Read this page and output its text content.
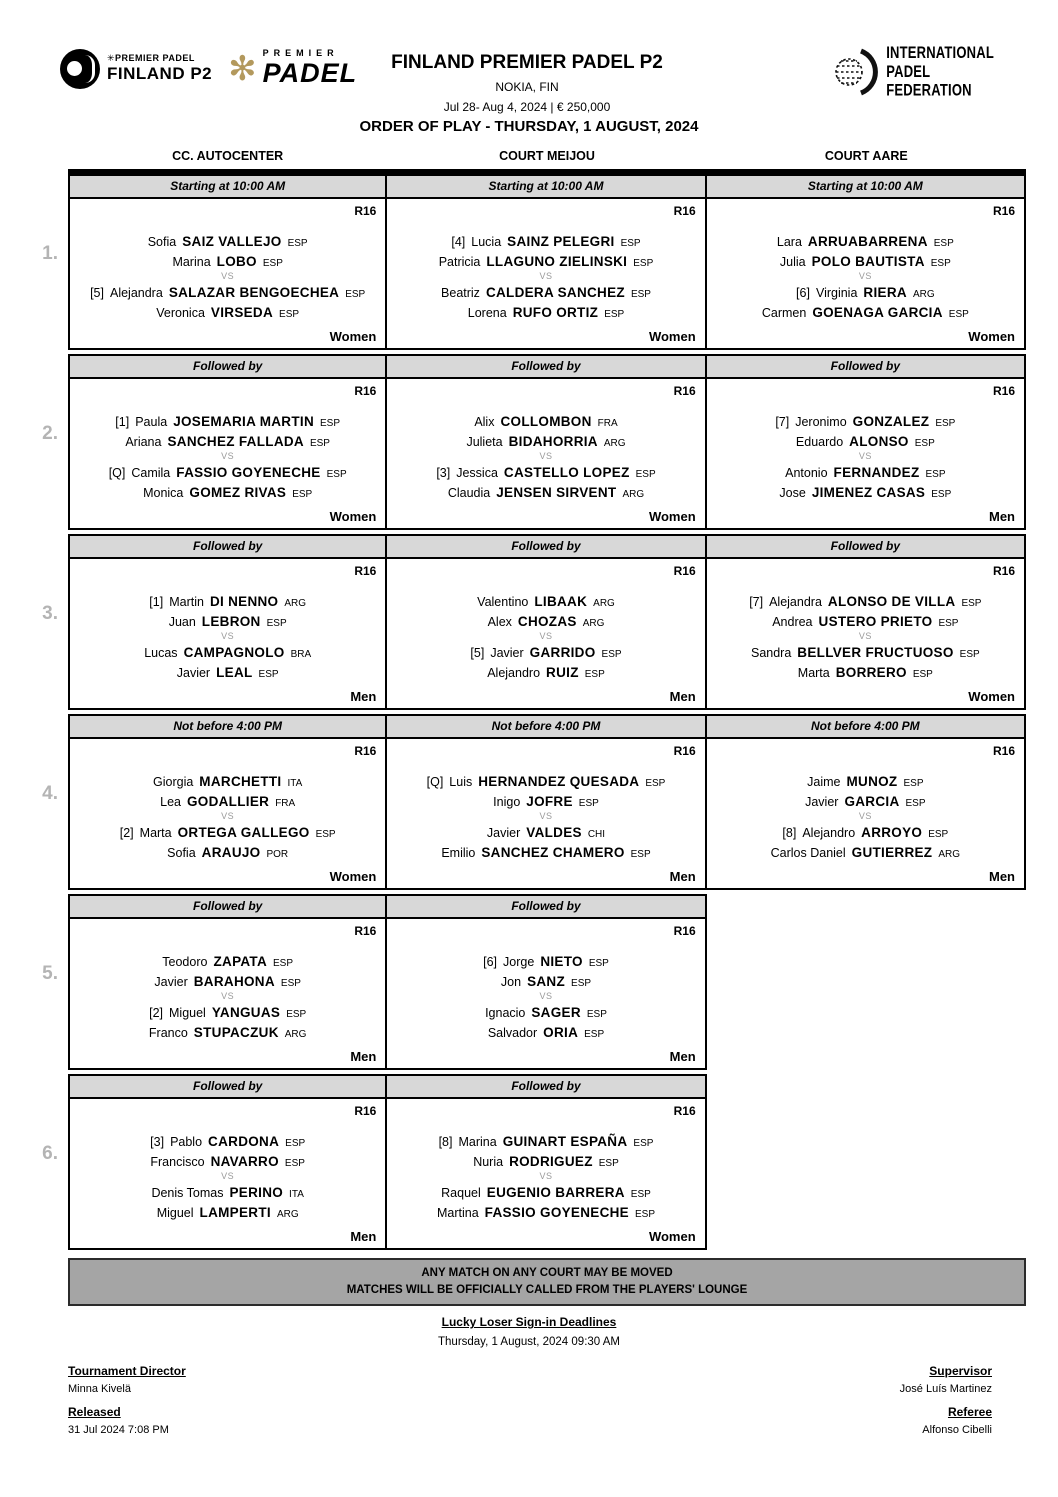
✳PREMIER PADEL
FINLAND P2 ✻ PREMIER
PADEL FINLAND PREMIER PADEL P2
NOKIA, FIN
Jul 28- Aug 4, 2024 | € 250,000
INTERNATIONAL
PADEL
FEDERATION
ORDER OF PLAY - THURSDAY, 1 AUGUST, 2024
CC. AUTOCENTER	COURT MEIJOU	COURT AARE
1.
Starting at 10:00 AM
R16
Sofia SAIZ VALLEJO ESP
Marina LOBO ESP
VS
[5] Alejandra SALAZAR BENGOECHEA ESP
Veronica VIRSEDA ESP
Women
Starting at 10:00 AM
R16
[4] Lucia SAINZ PELEGRI ESP
Patricia LLAGUNO ZIELINSKI ESP
VS
Beatriz CALDERA SANCHEZ ESP
Lorena RUFO ORTIZ ESP
Women
Starting at 10:00 AM
R16
Lara ARRUABARRENA ESP
Julia POLO BAUTISTA ESP
VS
[6] Virginia RIERA ARG
Carmen GOENAGA GARCIA ESP
Women
2.
Followed by
R16
[1] Paula JOSEMARIA MARTIN ESP
Ariana SANCHEZ FALLADA ESP
VS
[Q] Camila FASSIO GOYENECHE ESP
Monica GOMEZ RIVAS ESP
Women
Followed by
R16
Alix COLLOMBON FRA
Julieta BIDAHORRIA ARG
VS
[3] Jessica CASTELLO LOPEZ ESP
Claudia JENSEN SIRVENT ARG
Women
Followed by
R16
[7] Jeronimo GONZALEZ ESP
Eduardo ALONSO ESP
VS
Antonio FERNANDEZ ESP
Jose JIMENEZ CASAS ESP
Men
3.
Followed by
R16
[1] Martin DI NENNO ARG
Juan LEBRON ESP
VS
Lucas CAMPAGNOLO BRA
Javier LEAL ESP
Men
Followed by
R16
Valentino LIBAAK ARG
Alex CHOZAS ARG
VS
[5] Javier GARRIDO ESP
Alejandro RUIZ ESP
Men
Followed by
R16
[7] Alejandra ALONSO DE VILLA ESP
Andrea USTERO PRIETO ESP
VS
Sandra BELLVER FRUCTUOSO ESP
Marta BORRERO ESP
Women
4.
Not before 4:00 PM
R16
Giorgia MARCHETTI ITA
Lea GODALLIER FRA
VS
[2] Marta ORTEGA GALLEGO ESP
Sofia ARAUJO POR
Women
Not before 4:00 PM
R16
[Q] Luis HERNANDEZ QUESADA ESP
Inigo JOFRE ESP
VS
Javier VALDES CHI
Emilio SANCHEZ CHAMERO ESP
Men
Not before 4:00 PM
R16
Jaime MUNOZ ESP
Javier GARCIA ESP
VS
[8] Alejandro ARROYO ESP
Carlos Daniel GUTIERREZ ARG
Men
5.
Followed by
R16
Teodoro ZAPATA ESP
Javier BARAHONA ESP
VS
[2] Miguel YANGUAS ESP
Franco STUPACZUK ARG
Men
Followed by
R16
[6] Jorge NIETO ESP
Jon SANZ ESP
VS
Ignacio SAGER ESP
Salvador ORIA ESP
Men
6.
Followed by
R16
[3] Pablo CARDONA ESP
Francisco NAVARRO ESP
VS
Denis Tomas PERINO ITA
Miguel LAMPERTI ARG
Men
Followed by
R16
[8] Marina GUINART ESPAÑA ESP
Nuria RODRIGUEZ ESP
VS
Raquel EUGENIO BARRERA ESP
Martina FASSIO GOYENECHE ESP
Women
ANY MATCH ON ANY COURT MAY BE MOVED
MATCHES WILL BE OFFICIALLY CALLED FROM THE PLAYERS' LOUNGE
Lucky Loser Sign-in Deadlines
Thursday, 1 August, 2024 09:30 AM
Tournament Director
Minna Kivelä
Released
31 Jul 2024 7:08 PM
Supervisor
José Luís Martinez
Referee
Alfonso Cibelli
